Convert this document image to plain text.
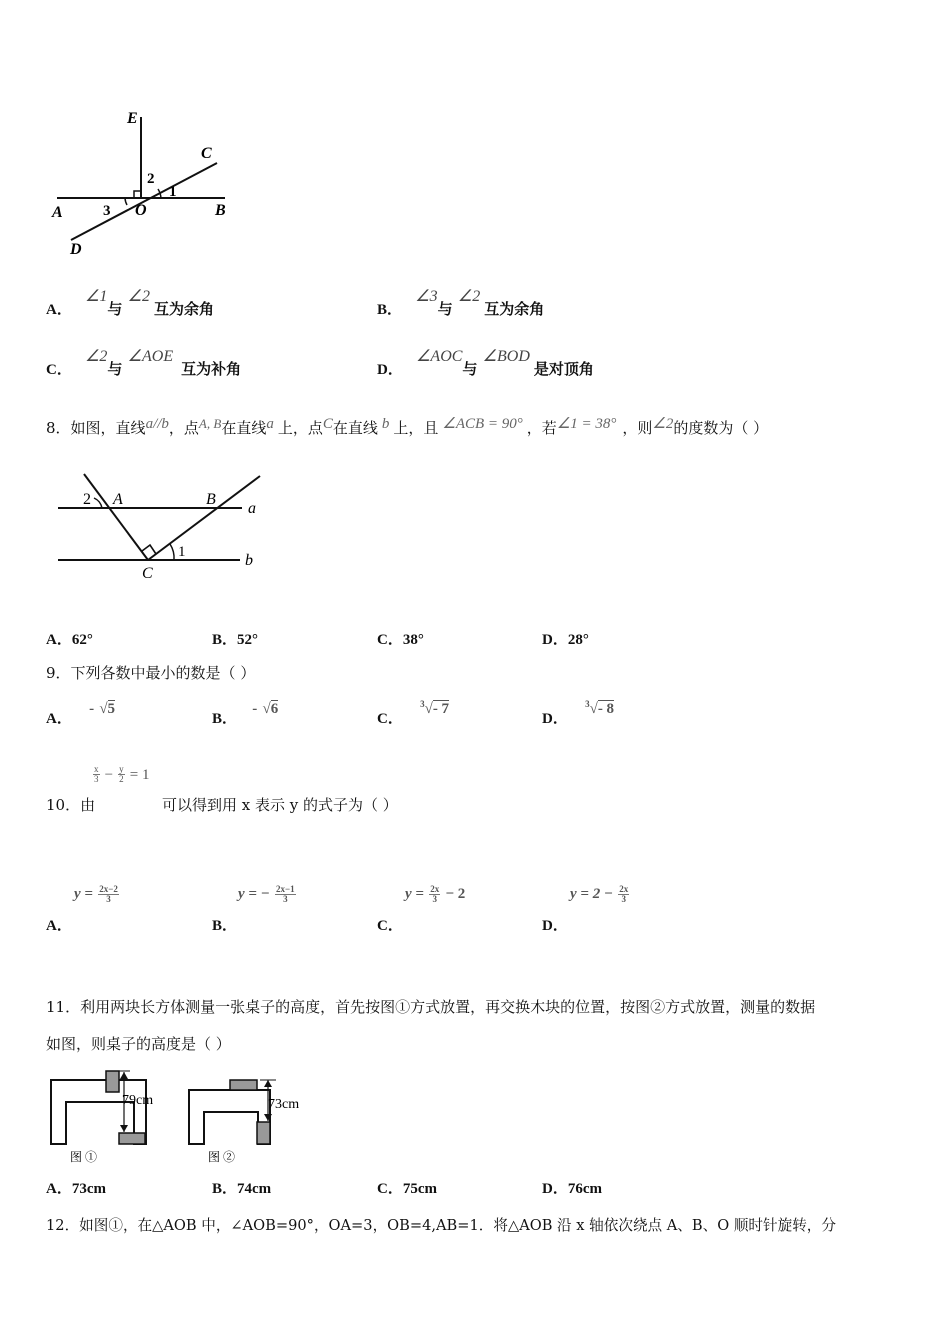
E
C
2
1
A	3 O	B
D
A． ∠1与 ∠2互为余角	B． ∠3与 ∠2互为余角
C． ∠2与 ∠AOE互为补角	D． ∠AOC与 ∠BOD是对顶角
8．如图，直线a//b，点A, B在直线a 上，点C在直线 b 上，且 ∠ACB = 90° ，若∠1 = 38° ，则∠2的度数为（ ）
2 A	B
a
1
C
b
A．62°	B．52°	C．38°	D．28°
9．下列各数中最小的数是（ ）
A． - √5
B． - √6
C． $^3$√- 7
D． $^3$√- 8
$\frac{x}{3} - \frac{y}{2} = 1$
10．由	可以得到用 x 表示 y 的式子为（ ）
$y = \frac{2x-2}{3}$
A．
y = − $\frac{2x-1}{3}$
B．
$y = \frac{2x}{3} - 2$
C．
$y = 2 - \frac{2x}{3}$
D．
11．利用两块长方体测量一张桌子的高度，首先按图①方式放置，再交换木块的位置，按图②方式放置，测量的数据
如图，则桌子的高度是（ ）
79cm
图 ①
73cm
图 ②
A．73cm	B．74cm	C．75cm	D．76cm
12．如图①，在△AOB 中，∠AOB=90°，OA=3，OB=4,AB=1．将△AOB 沿 x 轴依次绕点 A、B、O 顺时针旋转，分
